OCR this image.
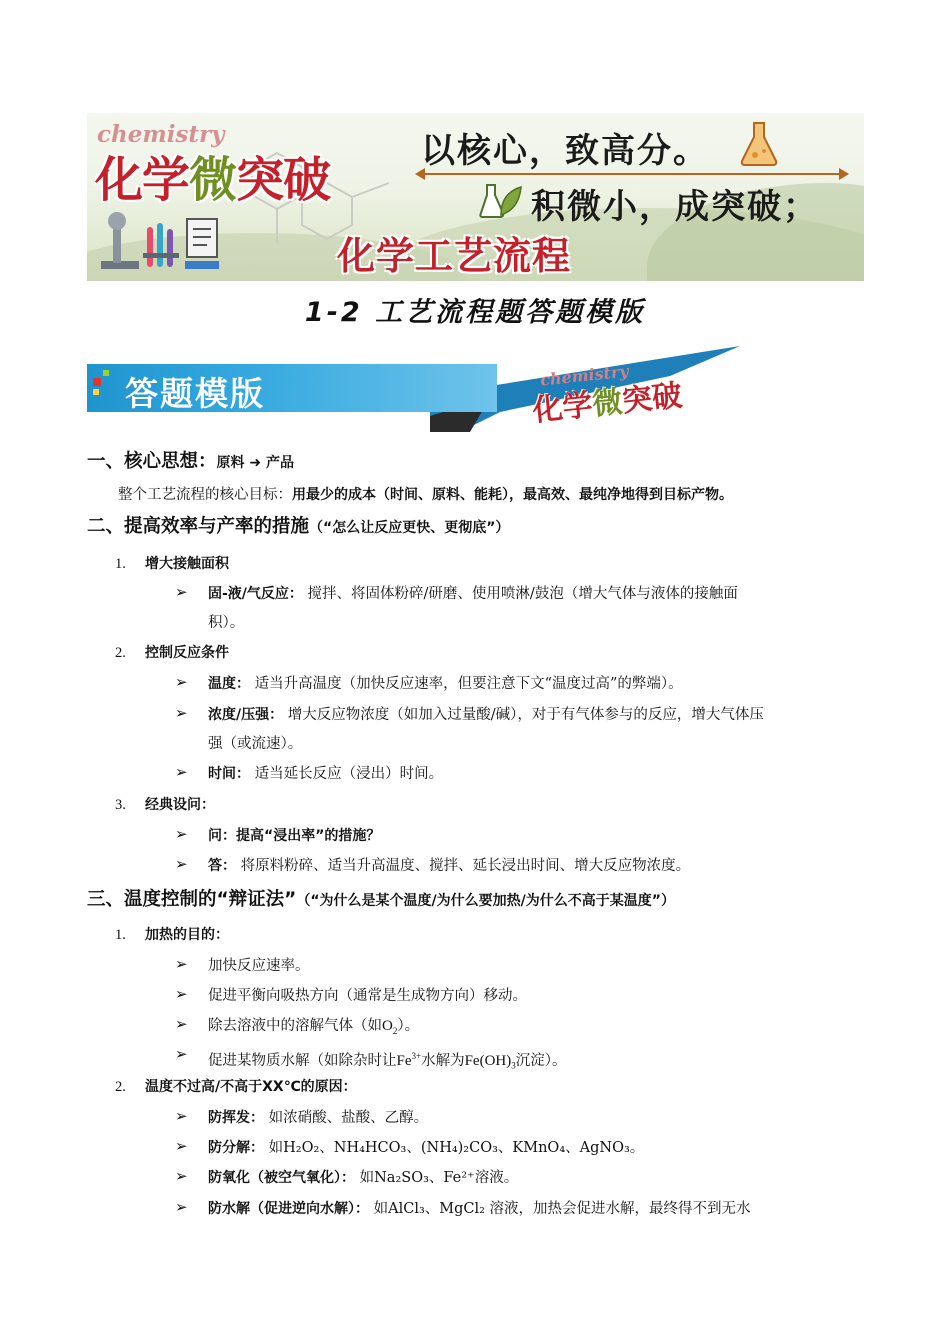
chemistry
化学微突破
以核心，致高分。
积微小，成突破；
化学工艺流程
1-2 工艺流程题答题模版
答题模版	chemistry
化学微突破
一、核心思想：原料 ➜ 产品
整个工艺流程的核心目标：用最少的成本（时间、原料、能耗），最高效、最纯净地得到目标产物。
二、提高效率与产率的措施（“怎么让反应更快、更彻底”）
1. 增大接触面积
➢ 固-液/气反应： 搅拌、将固体粉碎/研磨、使用喷淋/鼓泡（增大气体与液体的接触面
积）。
2. 控制反应条件
➢ 温度： 适当升高温度（加快反应速率，但要注意下文“温度过高”的弊端）。
➢ 浓度/压强： 增大反应物浓度（如加入过量酸/碱），对于有气体参与的反应，增大气体压
强（或流速）。
➢ 时间： 适当延长反应（浸出）时间。
3. 经典设问：
➢ 问：提高“浸出率”的措施？
➢ 答： 将原料粉碎、适当升高温度、搅拌、延长浸出时间、增大反应物浓度。
三、温度控制的“辩证法”（“为什么是某个温度/为什么要加热/为什么不高于某温度”）
1. 加热的目的：
➢ 加快反应速率。
➢ 促进平衡向吸热方向（通常是生成物方向）移动。
➢ 除去溶液中的溶解气体（如$O_2$）。
➢ 促进某物质水解（如除杂时让$Fe^{3+}$水解为$Fe(OH)_3$沉淀）。
2. 温度不过高/不高于XX℃的原因：
➢ 防挥发： 如浓硝酸、盐酸、乙醇。
➢ 防分解： 如H₂O₂、NH₄HCO₃、(NH₄)₂CO₃、KMnO₄、AgNO₃。
➢ 防氧化（被空气氧化）： 如Na₂SO₃、Fe²⁺溶液。
➢ 防水解（促进逆向水解）： 如AlCl₃、MgCl₂ 溶液，加热会促进水解，最终得不到无水
